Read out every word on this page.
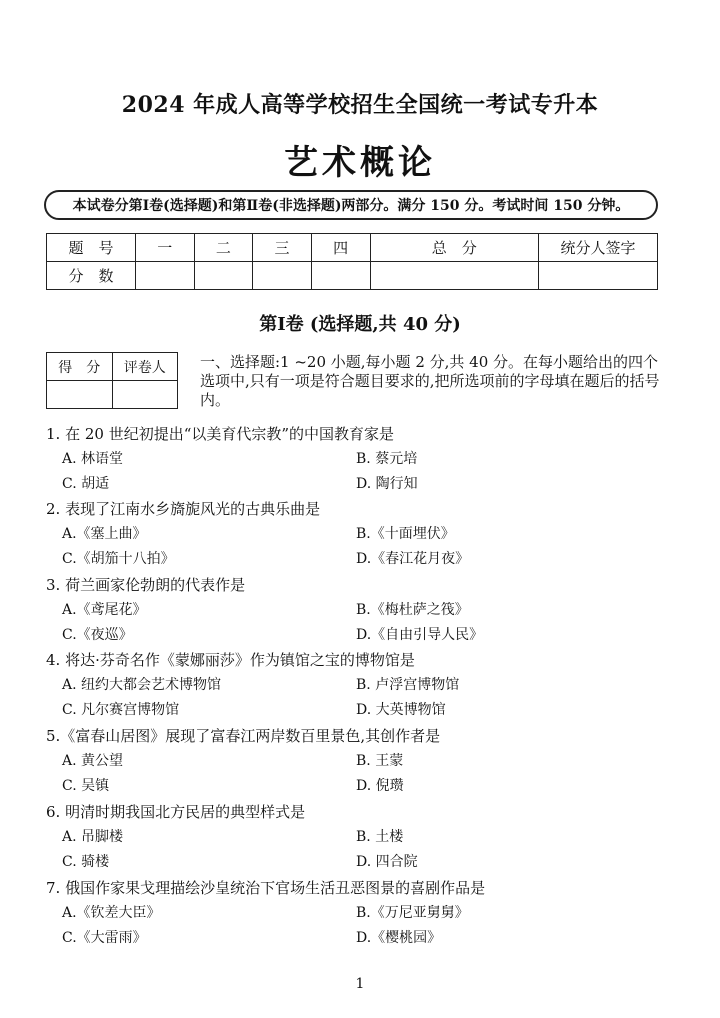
2024 年成人高等学校招生全国统一考试专升本
艺术概论
本试卷分第Ⅰ卷(选择题)和第Ⅱ卷(非选择题)两部分。满分 150 分。考试时间 150 分钟。
题　号	一	二	三	四	总　分	统分人签字
分　数						
第Ⅰ卷 (选择题,共 40 分)
得　分	评卷人
	一、选择题:1 ~20 小题,每小题 2 分,共 40 分。在每小题给出的四个选项中,只有一项是符合题目要求的,把所选项前的字母填在题后的括号内。
1. 在 20 世纪初提出“以美育代宗教”的中国教育家是
A. 林语堂	B. 蔡元培
C. 胡适	D. 陶行知
2. 表现了江南水乡旖旎风光的古典乐曲是
A.《塞上曲》	B.《十面埋伏》
C.《胡笳十八拍》	D.《春江花月夜》
3. 荷兰画家伦勃朗的代表作是
A.《鸢尾花》	B.《梅杜萨之筏》
C.《夜巡》	D.《自由引导人民》
4. 将达·芬奇名作《蒙娜丽莎》作为镇馆之宝的博物馆是
A. 纽约大都会艺术博物馆	B. 卢浮宫博物馆
C. 凡尔赛宫博物馆	D. 大英博物馆
5.《富春山居图》展现了富春江两岸数百里景色,其创作者是
A. 黄公望	B. 王蒙
C. 吴镇	D. 倪瓒
6. 明清时期我国北方民居的典型样式是
A. 吊脚楼	B. 土楼
C. 骑楼	D. 四合院
7. 俄国作家果戈理描绘沙皇统治下官场生活丑恶图景的喜剧作品是
A.《钦差大臣》	B.《万尼亚舅舅》
C.《大雷雨》	D.《樱桃园》
1
